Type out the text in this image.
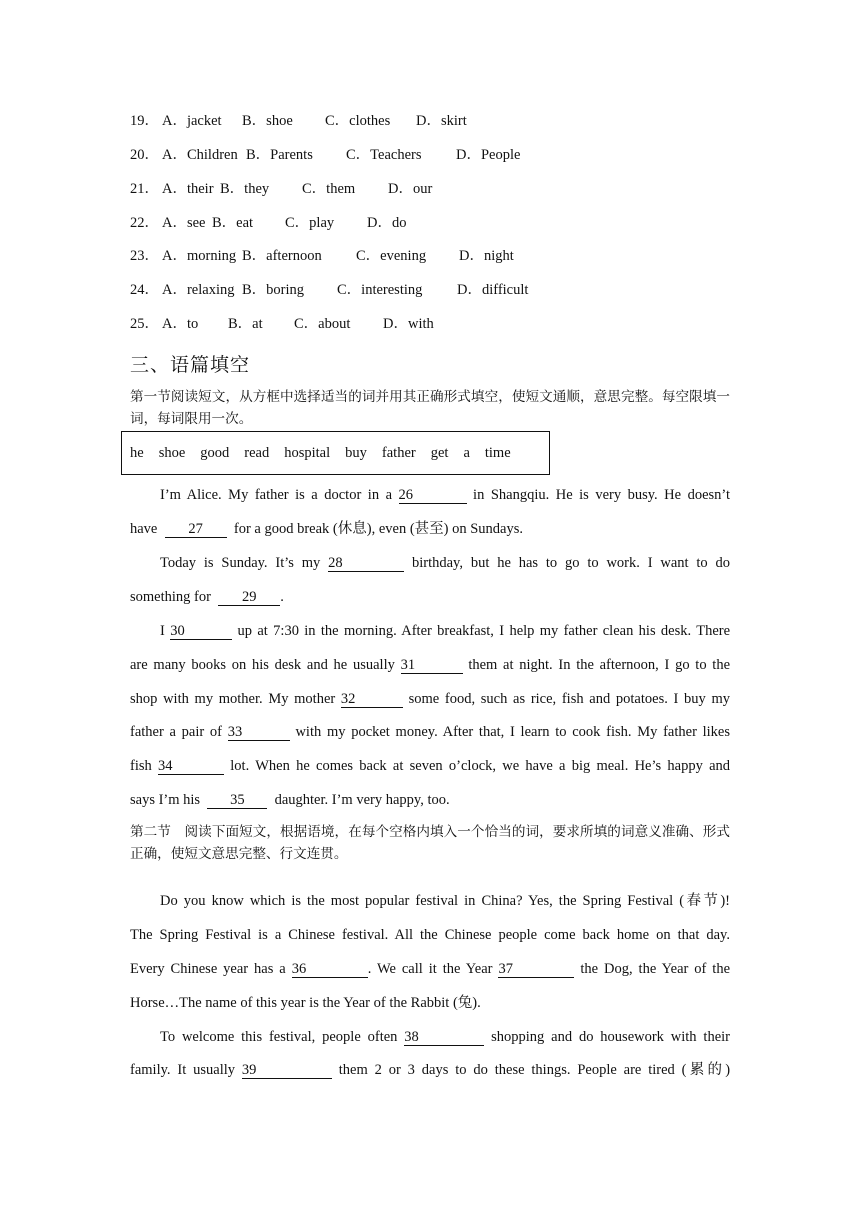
19． A．jacket B．shoe C．clothes D．skirt
20． A．Children B．Parents C．Teachers D．People
21． A．their B．they C．them D．our
22． A．see B．eat C．play D．do
23． A．morning B．afternoon C．evening D．night
24． A．relaxing B．boring C．interesting D．difficult
25． A．to B．at C．about D．with
三、语篇填空
第一节阅读短文，从方框中选择适当的词并用其正确形式填空，使短文通顺，意思完整。每空限填一词，每词限用一次。
he shoe good read hospital buy father get a time
I’m Alice. My father is a doctor in a 26	in Shangqiu. He is very busy. He doesn’t
have 27 for a good break (休息), even (甚至) on Sundays.
Today is Sunday. It’s my 28	birthday, but he has to go to work. I want to do
something for 29 .
I 30	up at 7:30 in the morning. After breakfast, I help my father clean his desk. There
are many books on his desk and he usually 31	them at night. In the afternoon, I go to the
shop with my mother. My mother 32	some food, such as rice, fish and potatoes. I buy my
father a pair of 33	with my pocket money. After that, I learn to cook fish. My father likes
fish 34	lot. When he comes back at seven o’clock, we have a big meal. He’s happy and
says I’m his 35 daughter. I’m very happy, too.
第二节　阅读下面短文，根据语境，在每个空格内填入一个恰当的词，要求所填的词意义准确、形式正确，使短文意思完整、行文连贯。
Do you know which is the most popular festival in China? Yes, the Spring Festival (春节)!
The Spring Festival is a Chinese festival. All the Chinese people come back home on that day.
Every Chinese year has a 36	. We call it the Year 37	the Dog, the Year of the
Horse…The name of this year is the Year of the Rabbit (兔).
To welcome this festival, people often 38	shopping and do housework with their
family. It usually 39	them 2 or 3 days to do these things. People are tired (累的)
